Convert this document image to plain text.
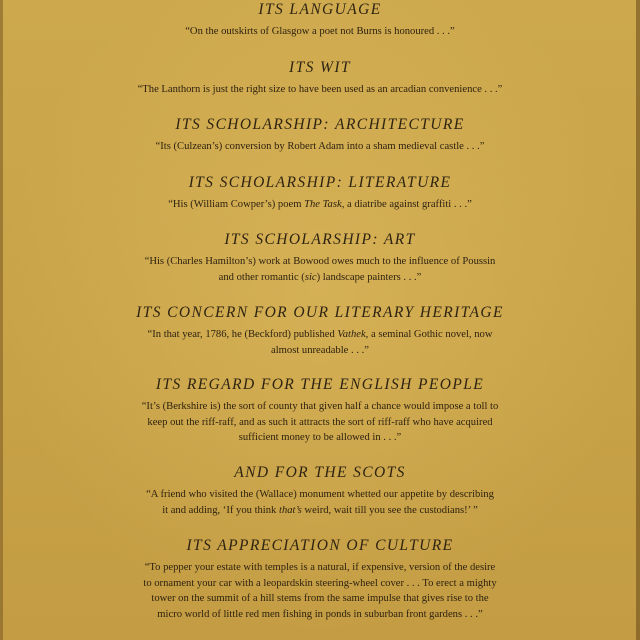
ITS LANGUAGE
“On the outskirts of Glasgow a poet not Burns is honoured . . .”
ITS WIT
“The Lanthorn is just the right size to have been used as an arcadian convenience . . .”
ITS SCHOLARSHIP: ARCHITECTURE
“Its (Culzean’s) conversion by Robert Adam into a sham medieval castle . . .”
ITS SCHOLARSHIP: LITERATURE
“His (William Cowper’s) poem The Task, a diatribe against graffiti . . .”
ITS SCHOLARSHIP: ART
“His (Charles Hamilton’s) work at Bowood owes much to the influence of Poussin
and other romantic (sic) landscape painters . . .”
ITS CONCERN FOR OUR LITERARY HERITAGE
“In that year, 1786, he (Beckford) published Vathek, a seminal Gothic novel, now
almost unreadable . . .”
ITS REGARD FOR THE ENGLISH PEOPLE
“It’s (Berkshire is) the sort of county that given half a chance would impose a toll to
keep out the riff-raff, and as such it attracts the sort of riff-raff who have acquired
sufficient money to be allowed in . . .”
AND FOR THE SCOTS
“A friend who visited the (Wallace) monument whetted our appetite by describing
it and adding, ‘If you think that’s weird, wait till you see the custodians!’ ”
ITS APPRECIATION OF CULTURE
“To pepper your estate with temples is a natural, if expensive, version of the desire
to ornament your car with a leopardskin steering-wheel cover . . . To erect a mighty
tower on the summit of a hill stems from the same impulse that gives rise to the
micro world of little red men fishing in ponds in suburban front gardens . . .”
